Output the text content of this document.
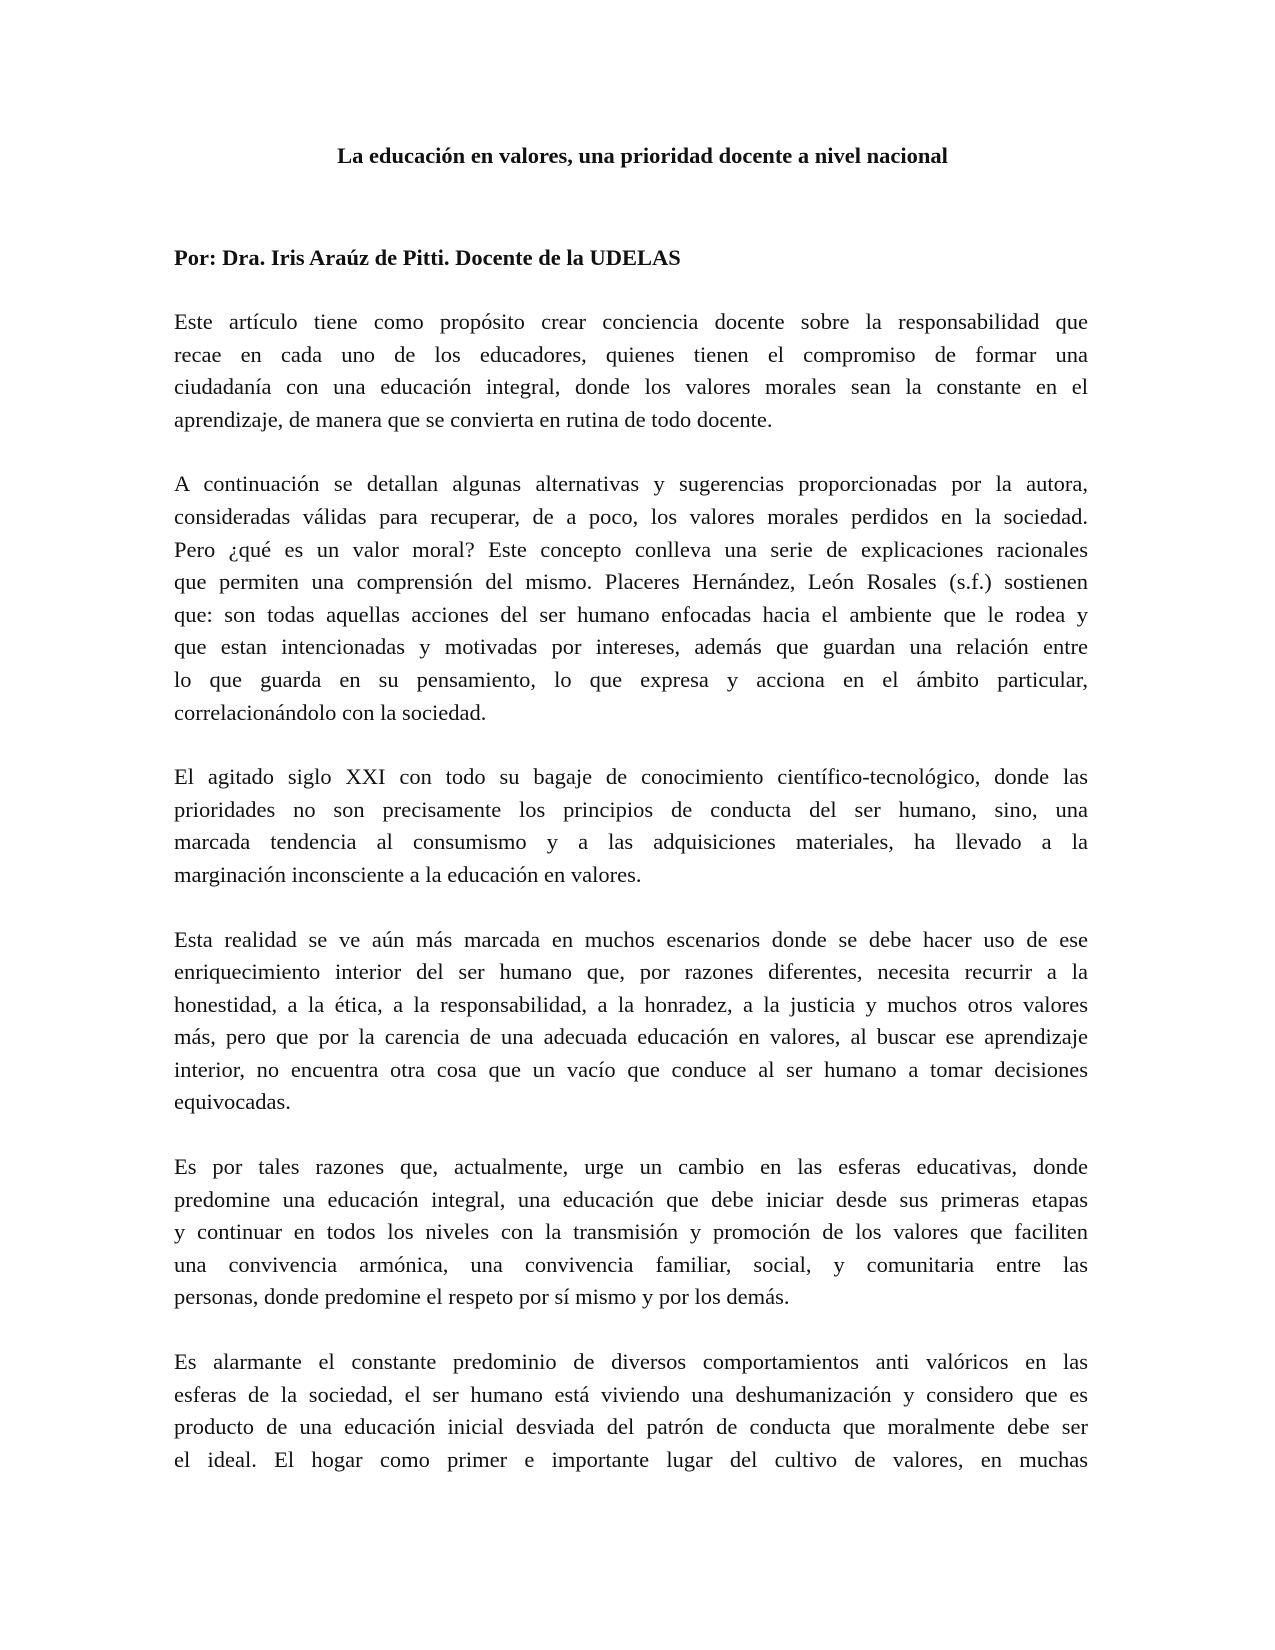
La educación en valores, una prioridad docente a nivel nacional

Por: Dra. Iris Araúz de Pitti. Docente de la UDELAS

Este artículo tiene como propósito crear conciencia docente sobre la responsabilidad que
recae en cada uno de los educadores, quienes tienen el compromiso de formar una
ciudadanía con una educación integral, donde los valores morales sean la constante en el
aprendizaje, de manera que se convierta en rutina de todo docente.

A continuación se detallan algunas alternativas y sugerencias proporcionadas por la autora,
consideradas válidas para recuperar, de a poco, los valores morales perdidos en la sociedad.
Pero ¿qué es un valor moral? Este concepto conlleva una serie de explicaciones racionales
que permiten una comprensión del mismo. Placeres Hernández, León Rosales (s.f.) sostienen
que: son todas aquellas acciones del ser humano enfocadas hacia el ambiente que le rodea y
que estan intencionadas y motivadas por intereses, además que guardan una relación entre
lo que guarda en su pensamiento, lo que expresa y acciona en el ámbito particular,
correlacionándolo con la sociedad.

El agitado siglo XXI con todo su bagaje de conocimiento científico-tecnológico, donde las
prioridades no son precisamente los principios de conducta del ser humano, sino, una
marcada tendencia al consumismo y a las adquisiciones materiales, ha llevado a la
marginación inconsciente a la educación en valores.

Esta realidad se ve aún más marcada en muchos escenarios donde se debe hacer uso de ese
enriquecimiento interior del ser humano que, por razones diferentes, necesita recurrir a la
honestidad, a la ética, a la responsabilidad, a la honradez, a la justicia y muchos otros valores
más, pero que por la carencia de una adecuada educación en valores, al buscar ese aprendizaje
interior, no encuentra otra cosa que un vacío que conduce al ser humano a tomar decisiones
equivocadas.

Es por tales razones que, actualmente, urge un cambio en las esferas educativas, donde
predomine una educación integral, una educación que debe iniciar desde sus primeras etapas
y continuar en todos los niveles con la transmisión y promoción de los valores que faciliten
una convivencia armónica, una convivencia familiar, social, y comunitaria entre las
personas, donde predomine el respeto por sí mismo y por los demás.

Es alarmante el constante predominio de diversos comportamientos anti valóricos en las
esferas de la sociedad, el ser humano está viviendo una deshumanización y considero que es
producto de una educación inicial desviada del patrón de conducta que moralmente debe ser
el ideal. El hogar como primer e importante lugar del cultivo de valores, en muchas
